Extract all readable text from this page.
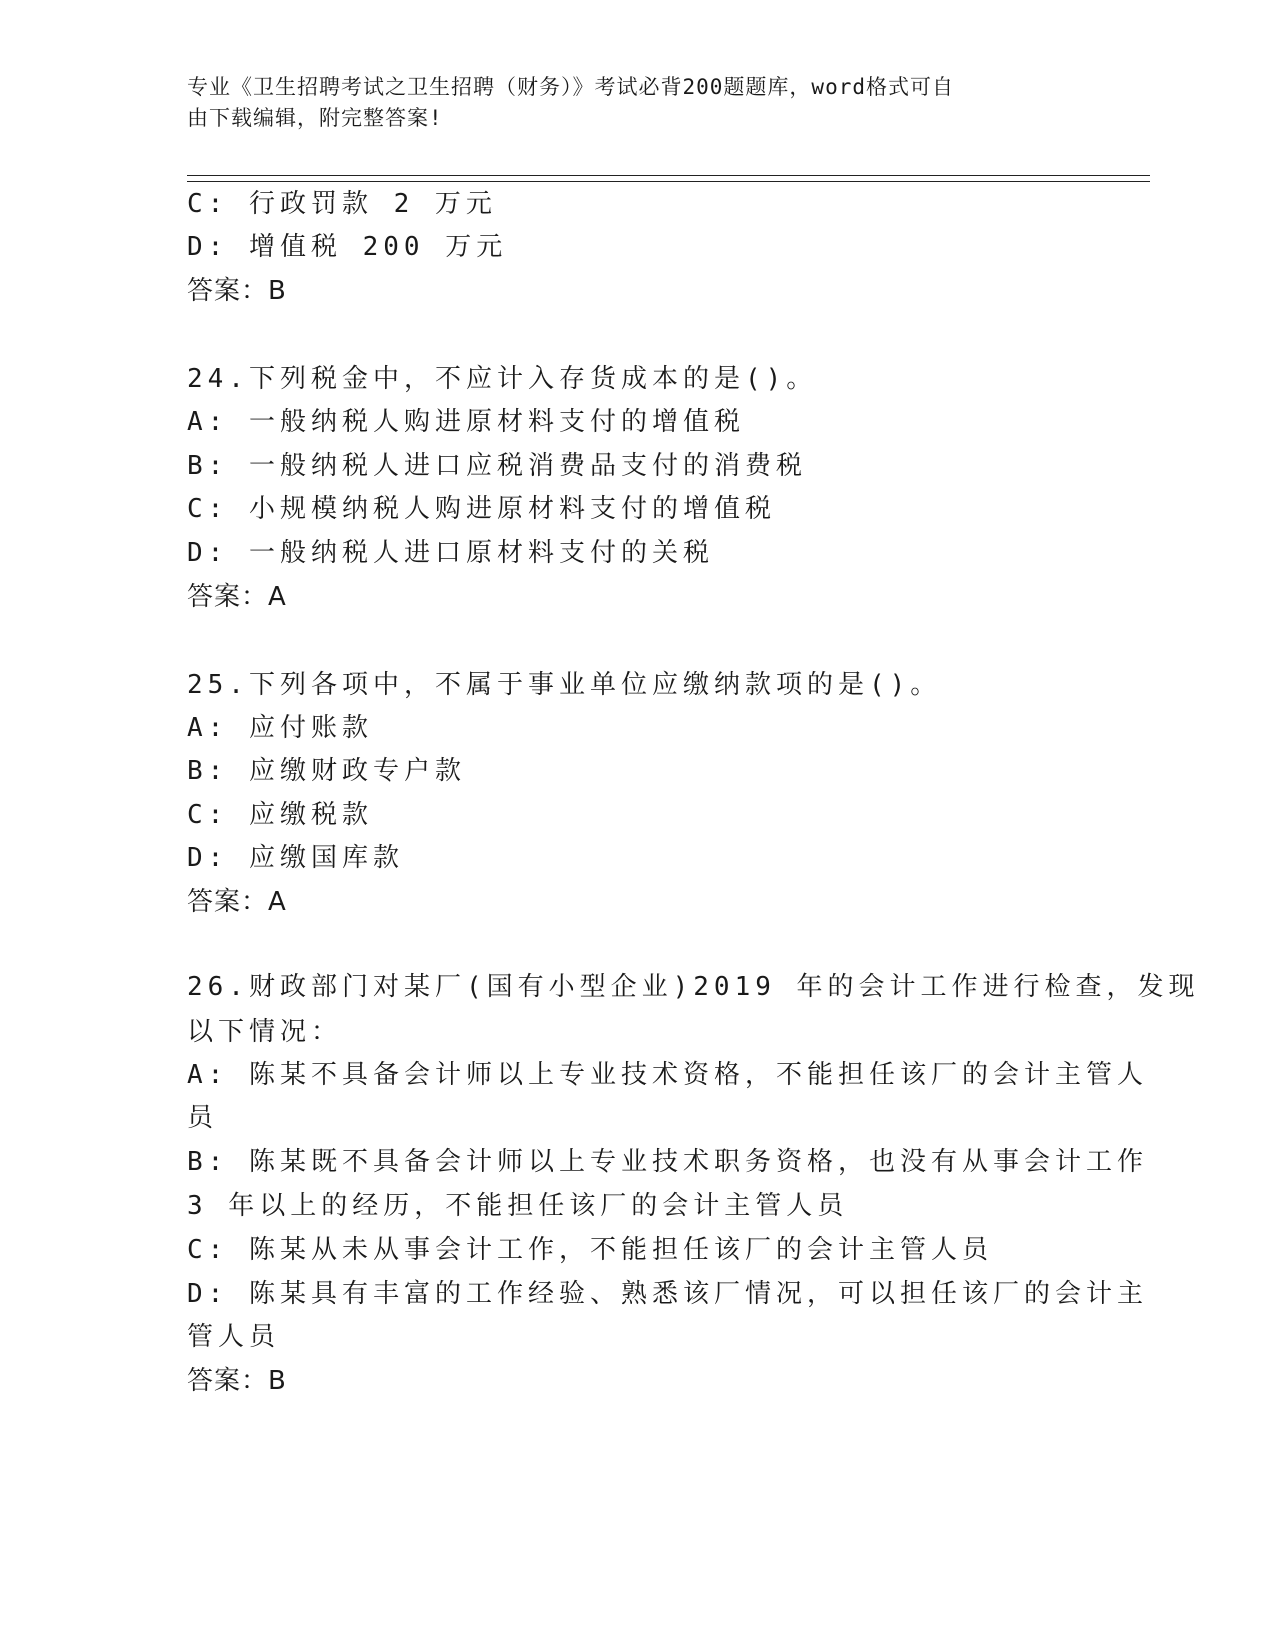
专业《卫生招聘考试之卫生招聘（财务）》考试必背200题题库，word格式可自
由下载编辑，附完整答案!
C: 行政罚款 2 万元
D: 增值税 200 万元
答案：B
24.下列税金中，不应计入存货成本的是()。
A: 一般纳税人购进原材料支付的增值税
B: 一般纳税人进口应税消费品支付的消费税
C: 小规模纳税人购进原材料支付的增值税
D: 一般纳税人进口原材料支付的关税
答案：A
25.下列各项中，不属于事业单位应缴纳款项的是()。
A: 应付账款
B: 应缴财政专户款
C: 应缴税款
D: 应缴国库款
答案：A
26.财政部门对某厂(国有小型企业)2019 年的会计工作进行检查，发现
以下情况：
A: 陈某不具备会计师以上专业技术资格，不能担任该厂的会计主管人
员
B: 陈某既不具备会计师以上专业技术职务资格，也没有从事会计工作
3 年以上的经历，不能担任该厂的会计主管人员
C: 陈某从未从事会计工作，不能担任该厂的会计主管人员
D: 陈某具有丰富的工作经验、熟悉该厂情况，可以担任该厂的会计主
管人员
答案：B
